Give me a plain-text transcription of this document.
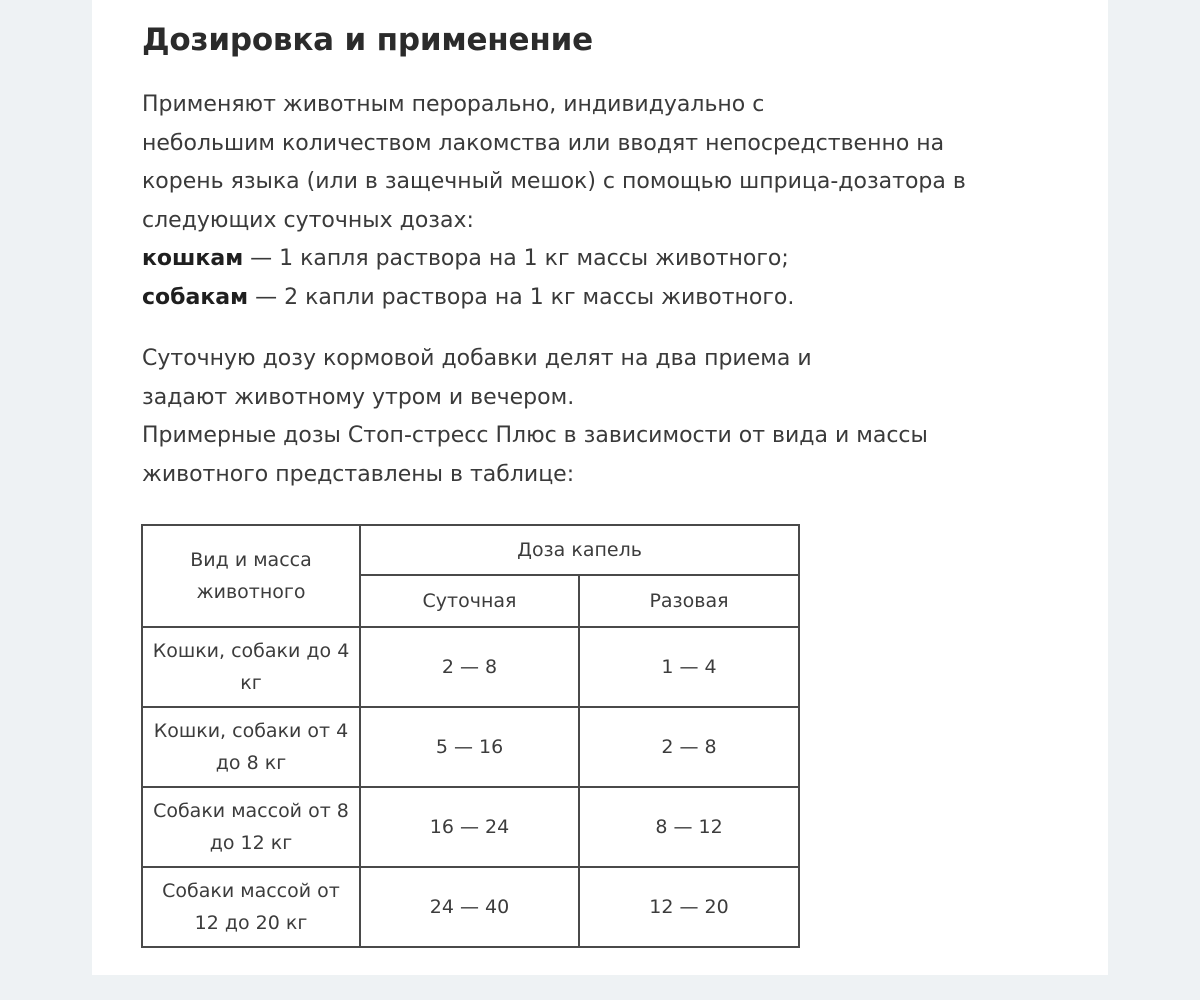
Дозировка и применение
Применяют животным перорально, индивидуально с
небольшим количеством лакомства или вводят непосредственно на
корень языка (или в защечный мешок) с помощью шприца-дозатора в
следующих суточных дозах:
кошкам — 1 капля раствора на 1 кг массы животного;
собакам — 2 капли раствора на 1 кг массы животного.
Суточную дозу кормовой добавки делят на два приема и
задают животному утром и вечером.
Примерные дозы Стоп-стресс Плюс в зависимости от вида и массы
животного представлены в таблице:
Вид и масса животного	Доза капель	
	Суточная	Разовая
Кошки, собаки до 4 кг	2 — 8	1 — 4
Кошки, собаки от 4 до 8 кг	5 — 16	2 — 8
Собаки массой от 8 до 12 кг	16 — 24	8 — 12
Собаки массой от 12 до 20 кг	24 — 40	12 — 20
